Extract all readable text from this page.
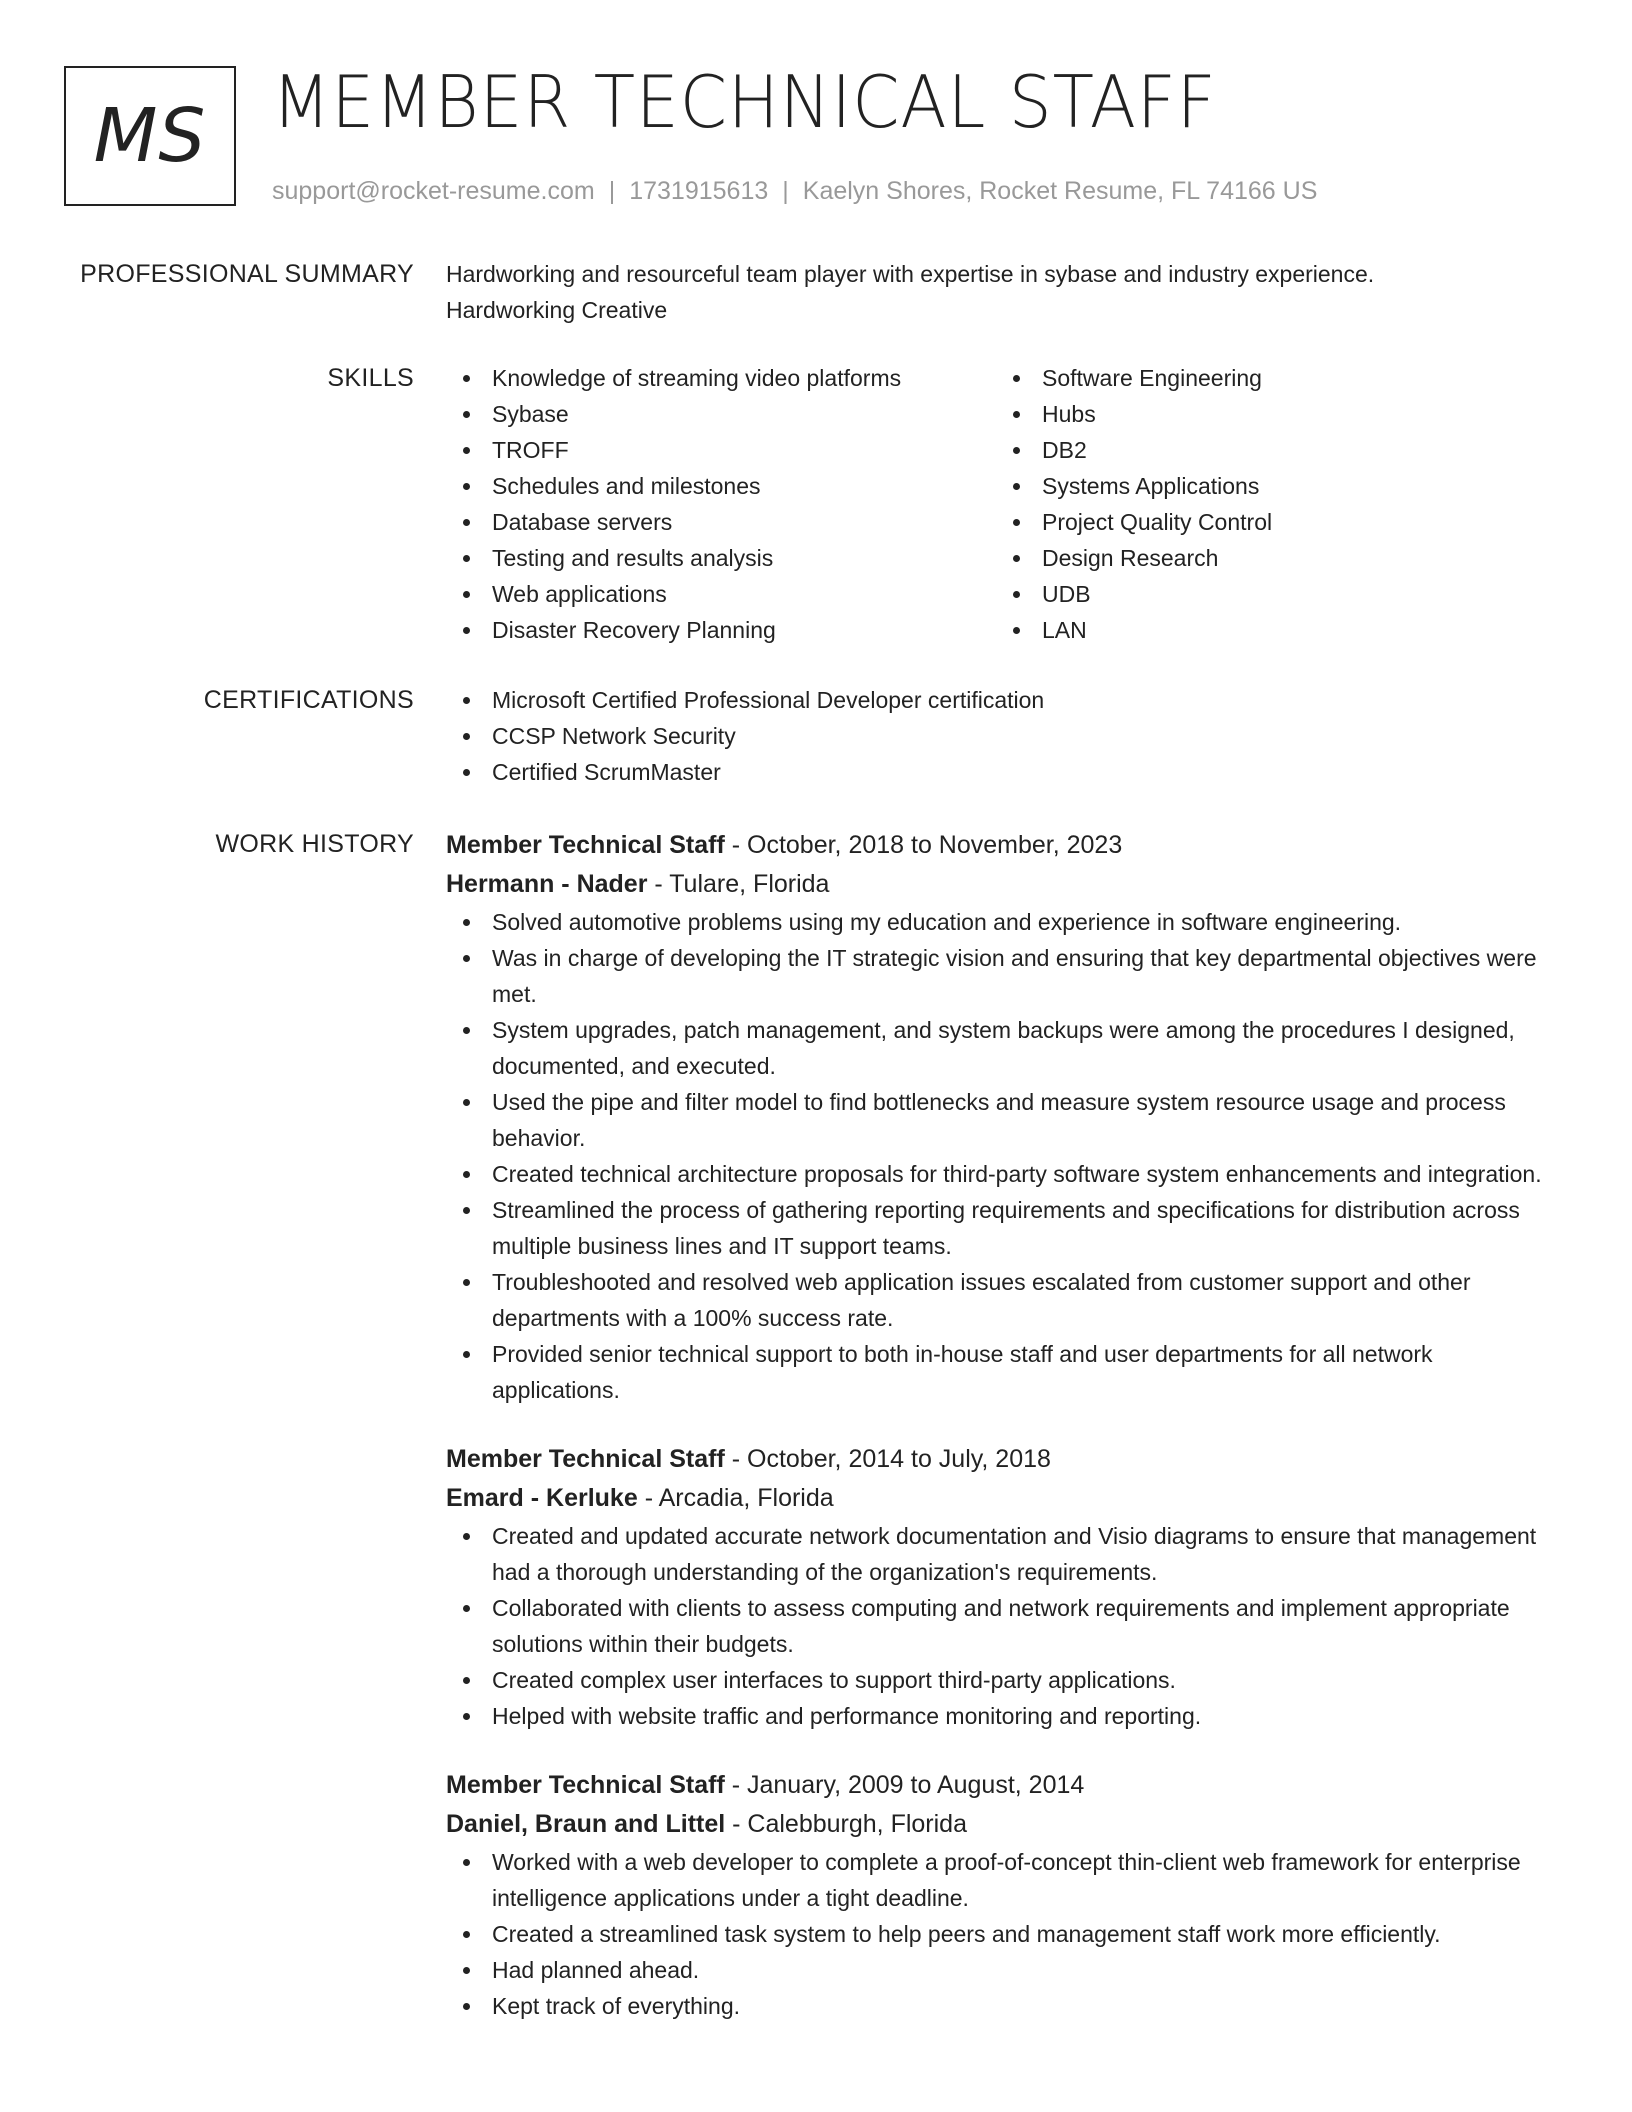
MS MEMBER TECHNICAL STAFF
support@rocket-resume.com | 1731915613 | Kaelyn Shores, Rocket Resume, FL 74166 US
PROFESSIONAL SUMMARY Hardworking and resourceful team player with expertise in sybase and industry experience.
Hardworking Creative
SKILLS	Knowledge of streaming video platforms
Sybase
TROFF
Schedules and milestones
Database servers
Testing and results analysis
Web applications
Disaster Recovery Planning
Software Engineering
Hubs
DB2
Systems Applications
Project Quality Control
Design Research
UDB
LAN
CERTIFICATIONS	Microsoft Certified Professional Developer certification
CCSP Network Security
Certified ScrumMaster
WORK HISTORY Member Technical Staff - October, 2018 to November, 2023
Hermann - Nader - Tulare, Florida
Solved automotive problems using my education and experience in software engineering.
Was in charge of developing the IT strategic vision and ensuring that key departmental objectives were met.
System upgrades, patch management, and system backups were among the procedures I designed, documented, and executed.
Used the pipe and filter model to find bottlenecks and measure system resource usage and process behavior.
Created technical architecture proposals for third-party software system enhancements and integration.
Streamlined the process of gathering reporting requirements and specifications for distribution across multiple business lines and IT support teams.
Troubleshooted and resolved web application issues escalated from customer support and other departments with a 100% success rate.
Provided senior technical support to both in-house staff and user departments for all network applications.
Member Technical Staff - October, 2014 to July, 2018
Emard - Kerluke - Arcadia, Florida
Created and updated accurate network documentation and Visio diagrams to ensure that management had a thorough understanding of the organization's requirements.
Collaborated with clients to assess computing and network requirements and implement appropriate solutions within their budgets.
Created complex user interfaces to support third-party applications.
Helped with website traffic and performance monitoring and reporting.
Member Technical Staff - January, 2009 to August, 2014
Daniel, Braun and Littel - Calebburgh, Florida
Worked with a web developer to complete a proof-of-concept thin-client web framework for enterprise intelligence applications under a tight deadline.
Created a streamlined task system to help peers and management staff work more efficiently.
Had planned ahead.
Kept track of everything.
